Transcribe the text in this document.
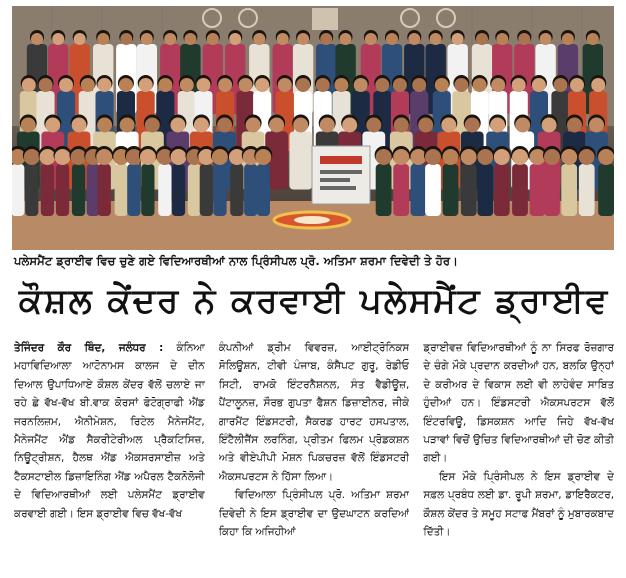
ਪਲੇਸਮੈਂਟ ਡ੍ਰਾਈਵ ਵਿਚ ਚੁਣੇ ਗਏ ਵਿਦਿਆਰਥੀਆਂ ਨਾਲ ਪ੍ਰਿੰਸੀਪਲ ਪ੍ਰੋ. ਅਤਿਮਾ ਸ਼ਰਮਾ ਦਿਵੇਦੀ ਤੇ ਹੋਰ।
ਕੌਸ਼ਲ ਕੇਂਦਰ ਨੇ ਕਰਵਾਈ ਪਲੇਸਮੈਂਟ ਡ੍ਰਾਈਵ

ਤੇਜਿੰਦਰ ਕੌਰ ਥਿੰਦ, ਜਲੰਧਰ : ਕੰਨਿਆ ਮਹਾਵਿਦਿਆਲਾ ਆਟੋਨਾਮਸ ਕਾਲਜ ਦੇ ਦੀਨ ਦਿਆਲ ਉਪਾਧਿਆਏ ਕੌਸ਼ਲ ਕੇਂਦਰ ਵੱਲੋਂ ਚਲਾਏ ਜਾ ਰਹੇ ਛੇ ਵੱਖ-ਵੱਖ ਬੀ.ਵਾਕ ਕੋਰਸਾਂ ਫੋਟੋਗ੍ਰਾਫੀ ਐਂਡ ਜਰਨਲਿਜ਼ਮ, ਐਨੀਮੇਸ਼ਨ, ਰਿਟੇਲ ਮੈਨੇਜਮੈਂਟ, ਮੈਨੇਜਮੈਂਟ ਐਂਡ ਸੈਕਰੀਟੇਰੀਅਲ ਪ੍ਰੈਕਟਿਸਿਜ਼, ਨਿਊਟ੍ਰੀਸ਼ਨ, ਹੈਲਥ ਐਂਡ ਐਕਸਰਸਾਈਜ਼ ਅਤੇ ਟੈਕਸਟਾਈਲ ਡਿਜ਼ਾਇਨਿੰਗ ਐਂਡ ਅਪੈਰਲ ਟੈਕਨੋਲੋਜੀ ਦੇ ਵਿਦਿਆਰਥੀਆਂ ਲਈ ਪਲੇਸਮੈਂਟ ਡ੍ਰਾਈਵ ਕਰਵਾਈ ਗਈ। ਇਸ ਡ੍ਰਾਈਵ ਵਿਚ ਵੱਖ-ਵੱਖ

ਕੰਪਨੀਆਂ ਡ੍ਰੀਮ ਵਿਵਰਜ਼, ਆਈਟ੍ਰੋਨਿਕਸ ਸੋਲਿਊਸ਼ਨ, ਟੀਵੀ ਪੰਜਾਬ, ਕੰਸੈਪਟ ਗੁਰੂ, ਰੇਡੀਓ ਸਿਟੀ, ਰਾਮਕੋ ਇੰਟਰਨੈਸ਼ਨਲ, ਸੰਤ ਵੈਡੀਊਜ਼, ਪੈਂਟਾਲੂਨਜ਼, ਸੌਰਭ ਗੁਪਤਾ ਫੈਸ਼ਨ ਡਿਜ਼ਾਈਨਰ, ਜੀਕੇ ਗਾਰਮੈਂਟ ਇੰਡਸਟਰੀ, ਸੈਕਰਡ ਹਾਰਟ ਹਸਪਤਾਲ, ਇੰਟੈਲੀਜੈਂਸ ਲਰਨਿੰਗ, ਪ੍ਰੀਤਮ ਫਿਲਮ ਪ੍ਰੋਡਕਸ਼ਨ ਅਤੇ ਵੀਏਪੀਪੀ ਮੋਸ਼ਨ ਪਿਕਚਰਜ਼ ਵੱਲੋਂ ਇੰਡਸਟਰੀ ਐਕਸਪਰਟਸ ਨੇ ਹਿੱਸਾ ਲਿਆ।

ਵਿਦਿਆਲਾ ਪ੍ਰਿੰਸੀਪਲ ਪ੍ਰੋ. ਅਤਿਮਾ ਸ਼ਰਮਾ ਦਿਵੇਦੀ ਨੇ ਇਸ ਡ੍ਰਾਈਵ ਦਾ ਉਦਘਾਟਨ ਕਰਦਿਆਂ ਕਿਹਾ ਕਿ ਅਜਿਹੀਆਂ

ਡ੍ਰਾਈਵਜ਼ ਵਿਦਿਆਰਥੀਆਂ ਨੂੰ ਨਾ ਸਿਰਫ ਰੋਜ਼ਗਾਰ ਦੇ ਚੰਗੇ ਮੌਕੇ ਪ੍ਰਦਾਨ ਕਰਦੀਆਂ ਹਨ, ਬਲਕਿ ਉਨ੍ਹਾਂ ਦੇ ਕਰੀਅਰ ਦੇ ਵਿਕਾਸ ਲਈ ਵੀ ਲਾਹੇਵੰਦ ਸਾਬਿਤ ਹੁੰਦੀਆਂ ਹਨ। ਇੰਡਸਟਰੀ ਐਕਸਪਰਟਸ ਵੱਲੋਂ ਇੰਟਰਵਿਊ, ਡਿਸਕਸ਼ਨ ਆਦਿ ਜਿਹੇ ਵੱਖ-ਵੱਖ ਪੜਾਵਾਂ ਵਿਚੋਂ ਉਚਿਤ ਵਿਦਿਆਰਥੀਆਂ ਦੀ ਚੋਣ ਕੀਤੀ ਗਈ।

ਇਸ ਮੌਕੇ ਪ੍ਰਿੰਸੀਪਲ ਨੇ ਇਸ ਡ੍ਰਾਈਵ ਦੇ ਸਫ਼ਲ ਪ੍ਰਬੰਧ ਲਈ ਡਾ. ਰੂਪੀ ਸ਼ਰਮਾ, ਡਾਇਰੈਕਟਰ, ਕੌਸ਼ਲ ਕੇਂਦਰ ਤੇ ਸਮੂਹ ਸਟਾਫ ਮੈਂਬਰਾਂ ਨੂੰ ਮੁਬਾਰਕਬਾਦ ਦਿੱਤੀ।
